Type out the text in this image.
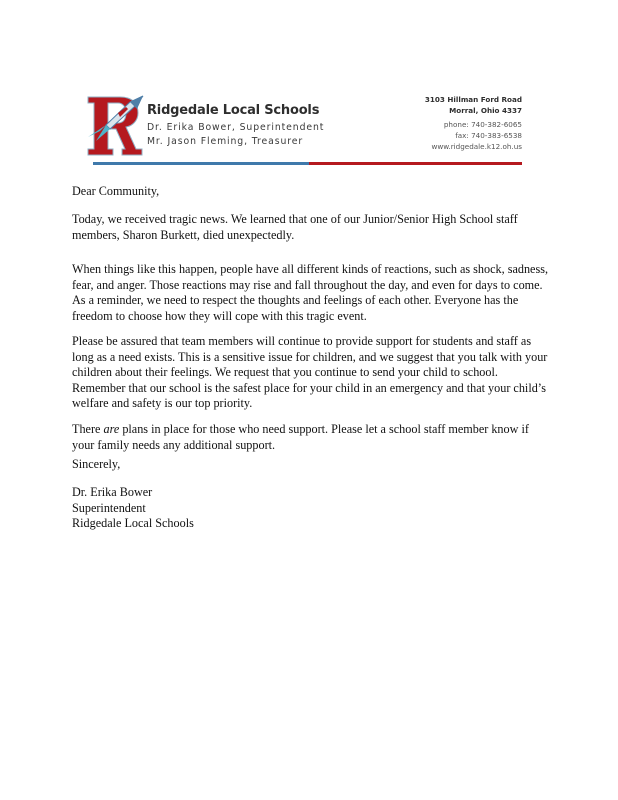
Ridgedale Local Schools
Dr. Erika Bower, Superintendent
Mr. Jason Fleming, Treasurer
3103 Hillman Ford Road
Morral, Ohio 4337
phone: 740-382-6065
fax: 740-383-6538
www.ridgedale.k12.oh.us

Dear Community,

Today, we received tragic news. We learned that one of our Junior/Senior High School staff members, Sharon Burkett, died unexpectedly.

When things like this happen, people have all different kinds of reactions, such as shock, sadness, fear, and anger. Those reactions may rise and fall throughout the day, and even for days to come. As a reminder, we need to respect the thoughts and feelings of each other. Everyone has the freedom to choose how they will cope with this tragic event.

Please be assured that team members will continue to provide support for students and staff as long as a need exists. This is a sensitive issue for children, and we suggest that you talk with your children about their feelings. We request that you continue to send your child to school. Remember that our school is the safest place for your child in an emergency and that your child’s welfare and safety is our top priority.

There are plans in place for those who need support. Please let a school staff member know if your family needs any additional support.

Sincerely,

Dr. Erika Bower
Superintendent
Ridgedale Local Schools
